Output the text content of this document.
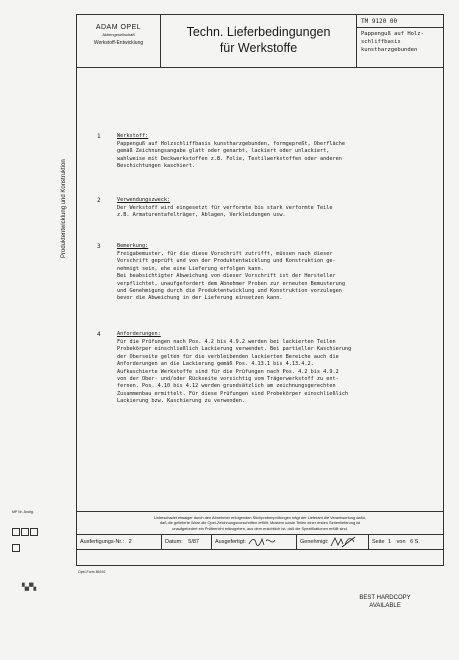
ADAM OPEL
Aktiengesellschaft
Werkstoff-Entwicklung
Techn. Lieferbedingungen
für Werkstoffe
TM 9120 00
Pappenguß auf Holz-
schliffbasis
kunstharzgebunden
1	Werkstoff:
Pappenguß auf Holzschliffbasis kunstharzgebunden, formgepreßt, Oberfläche
gemäß Zeichnungsangabe glatt oder genarbt, lackiert oder unlackiert,
wahlweise mit Deckwerkstoffen z.B. Folie, Textilwerkstoffen oder anderen
Beschichtungen kaschiert.
2	Verwendungszweck:
Der Werkstoff wird eingesetzt für verformte bis stark verformte Teile
z.B. Armaturentafelträger, Ablagen, Verkleidungen usw.
3	Bemerkung:
Freigabemuster, für die diese Vorschrift zutrifft, müssen nach dieser
Vorschrift geprüft und von der Produktentwicklung und Konstruktion ge-
nehmigt sein, ehe eine Lieferung erfolgen kann.
Bei beabsichtigter Abweichung von dieser Vorschrift ist der Hersteller
verpflichtet, unaufgefordert dem Abnehmer Proben zur erneuten Bemusterung
und Genehmigung durch die Produktentwicklung und Konstruktion vorzulegen
bevor die Abweichung in der Lieferung einsetzen kann.
4	Anforderungen:
Für die Prüfungen nach Pos. 4.2 bis 4.9.2 werden bei lackierten Teilen
Probekörper einschließlich Lackierung verwendet. Bei partieller Kaschierung
der Oberseite gelten für die verbleibenden lackierten Bereiche auch die
Anforderungen an die Lackierung gemäß Pos. 4.13.1 bis 4.13.4.2.
Aufkaschierte Werkstoffe sind für die Prüfungen nach Pos. 4.2 bis 4.9.2
von der Ober- und/oder Rückseite vorsichtig vom Trägerwerkstoff zu ent-
fernen. Pos. 4.10 bis 4.12 werden grundsätzlich am zeichnungsgerechten
Zusammenbau ermittelt. Für diese Prüfungen sind Probekörper einschließlich
Lackierung bzw. Kaschierung zu verwenden.
Unbeschadet etwaiger durch den Abnehmer erfolgenden Stichprobenprüfungen trägt der Lieferant die Verantwortung dafür,
daß die gelieferte Ware die Opel-Zeichnungsvorschriften erfüllt. Mustern sowie Teilen einer ersten Serienlieferung ist
unaufgefordert ein Prüfbericht mitzugeben, aus dem ersichtlich ist, daß die Spezifikationen erfüllt sind.
Ausfertigungs-Nr.: 2	Datum: 5/87	Ausgefertigt:	Genehmigt:	Seite 1 von 6 S.
Produktentwicklung und Konstruktion
MP Nr. Ändrg.
Opel-Form 86192
▚▞▚
BEST HARDCOPY AVAILABLE
